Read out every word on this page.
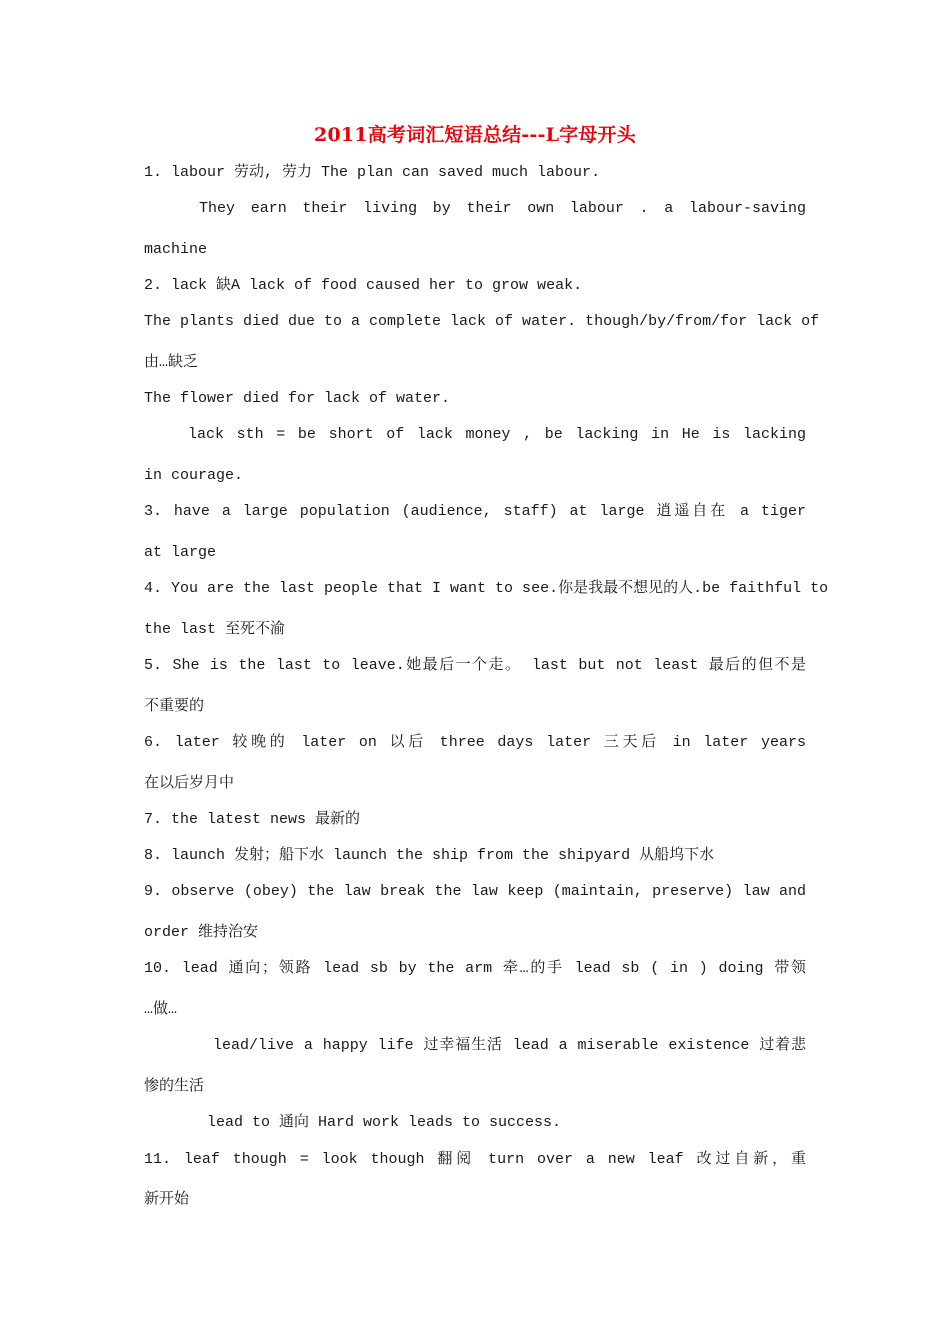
2011高考词汇短语总结---L字母开头
1. labour 劳动, 劳力 The plan can saved much labour.
They earn their living by their own labour . a labour-saving
machine
2. lack 缺A lack of food caused her to grow weak.
The plants died due to a complete lack of water. though/by/from/for lack of
由…缺乏
The flower died for lack of water.
lack sth = be short of lack money , be lacking in He is lacking
in courage.
3. have a large population (audience, staff) at large 逍遥自在 a tiger
at large
4. You are the last people that I want to see.你是我最不想见的人.be faithful to
the last 至死不渝
5. She is the last to leave.她最后一个走。 last but not least 最后的但不是
不重要的
6. later 较晚的 later on 以后 three days later 三天后 in later years
在以后岁月中
7. the latest news 最新的
8. launch 发射；船下水 launch the ship from the shipyard 从船坞下水
9. observe (obey) the law break the law keep (maintain, preserve) law and
order 维持治安
10. lead 通向；领路 lead sb by the arm 牵…的手 lead sb ( in ) doing 带领
…做…
lead/live a happy life 过幸福生活 lead a miserable existence 过着悲
惨的生活
lead to 通向 Hard work leads to success.
11. leaf though = look though 翻阅 turn over a new leaf 改过自新，重
新开始
